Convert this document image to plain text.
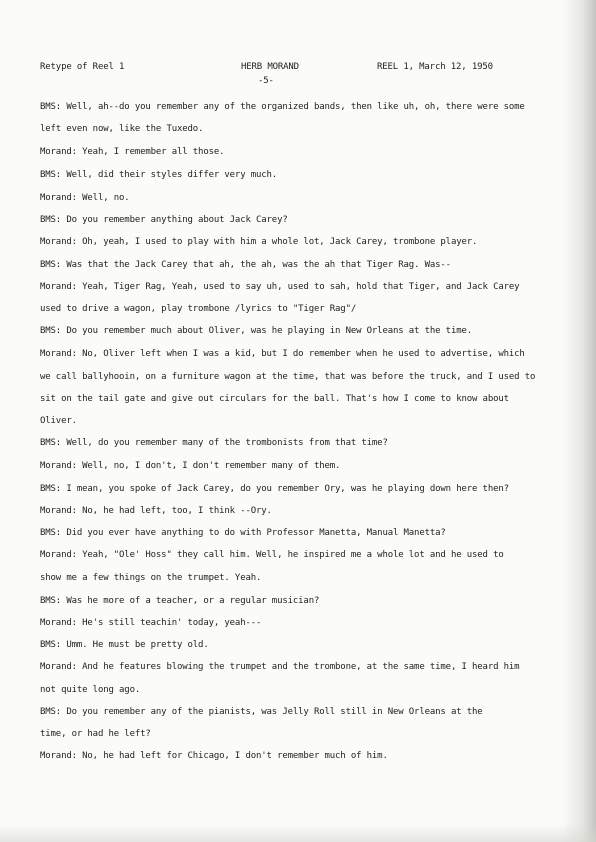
Retype of Reel 1	HERB MORAND	REEL 1, March 12, 1950
-5-
BMS: Well, ah--do you remember any of the organized bands, then like uh, oh, there were some
left even now, like the Tuxedo.
Morand: Yeah, I remember all those.
BMS: Well, did their styles differ very much.
Morand: Well, no.
BMS: Do you remember anything about Jack Carey?
Morand: Oh, yeah, I used to play with him a whole lot, Jack Carey, trombone player.
BMS: Was that the Jack Carey that ah, the ah, was the ah that Tiger Rag. Was--
Morand: Yeah, Tiger Rag, Yeah, used to say uh, used to sah, hold that Tiger, and Jack Carey
used to drive a wagon, play trombone /lyrics to "Tiger Rag"/
BMS: Do you remember much about Oliver, was he playing in New Orleans at the time.
Morand: No, Oliver left when I was a kid, but I do remember when he used to advertise, which
we call ballyhooin, on a furniture wagon at the time, that was before the truck, and I used to
sit on the tail gate and give out circulars for the ball. That's how I come to know about
Oliver.
BMS: Well, do you remember many of the trombonists from that time?
Morand: Well, no, I don't, I don't remember many of them.
BMS: I mean, you spoke of Jack Carey, do you remember Ory, was he playing down here then?
Morand: No, he had left, too, I think --Ory.
BMS: Did you ever have anything to do with Professor Manetta, Manual Manetta?
Morand: Yeah, "Ole' Hoss" they call him. Well, he inspired me a whole lot and he used to
show me a few things on the trumpet. Yeah.
BMS: Was he more of a teacher, or a regular musician?
Morand: He's still teachin' today, yeah---
BMS: Umm. He must be pretty old.
Morand: And he features blowing the trumpet and the trombone, at the same time, I heard him
not quite long ago.
BMS: Do you remember any of the pianists, was Jelly Roll still in New Orleans at the
time, or had he left?
Morand: No, he had left for Chicago, I don't remember much of him.
